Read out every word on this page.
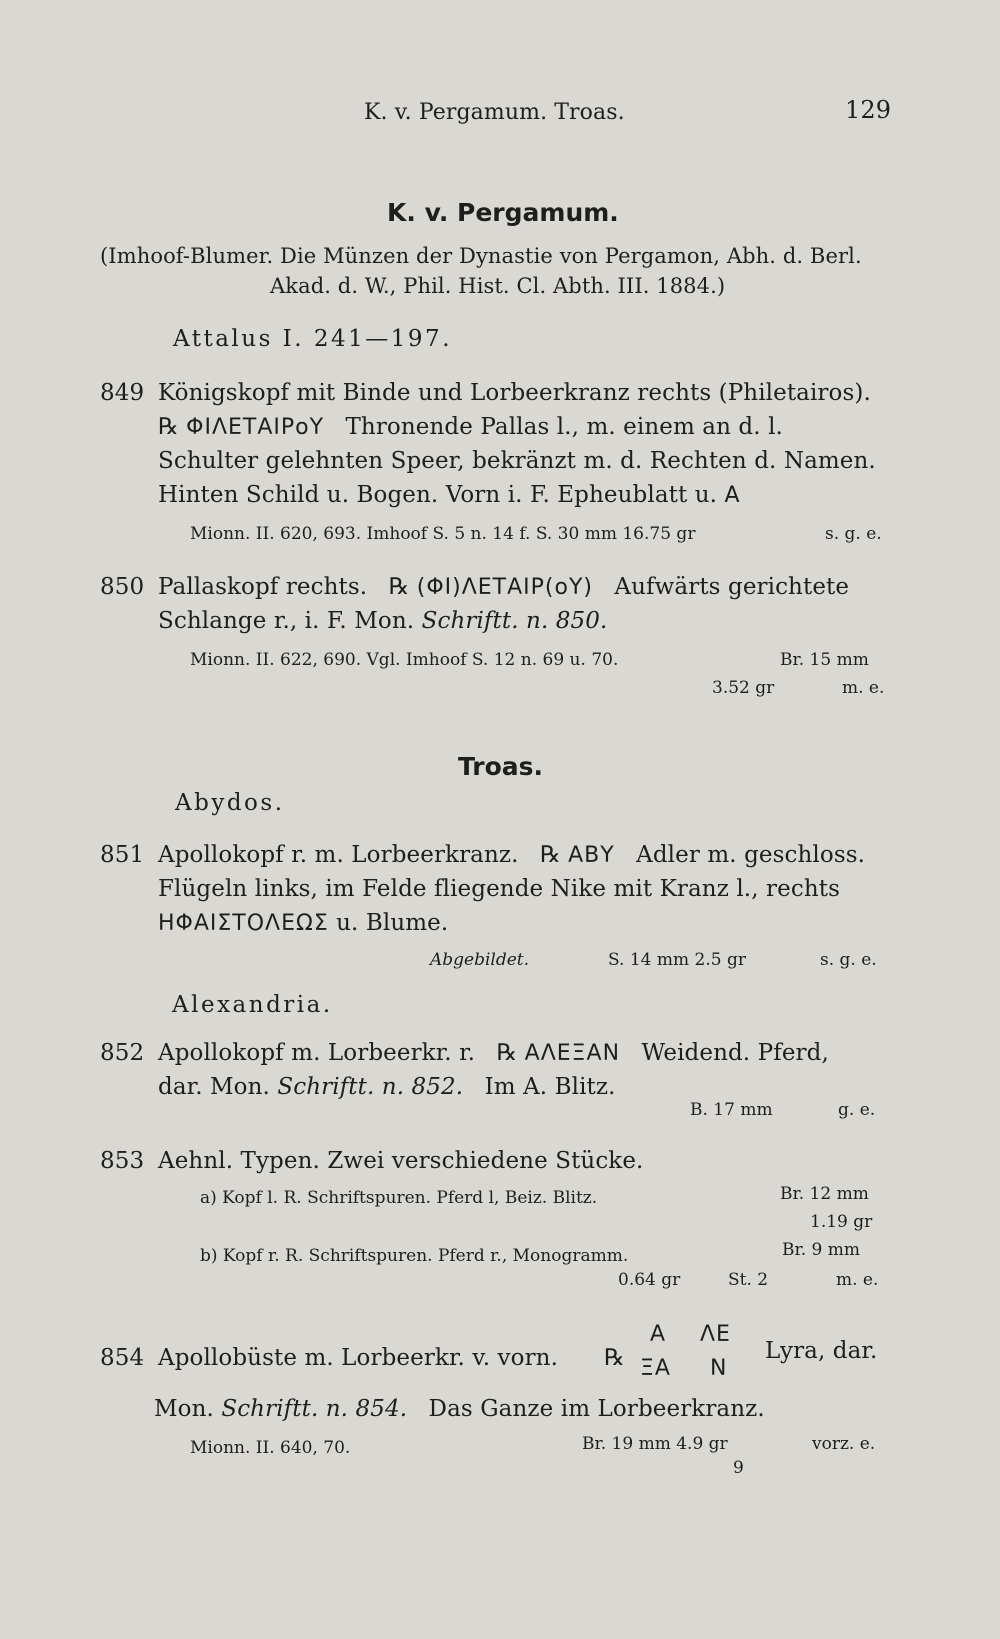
K. v. Pergamum. Troas.	129
K. v. Pergamum.
(Imhoof-Blumer. Die Münzen der Dynastie von Pergamon, Abh. d. Berl.
Akad. d. W., Phil. Hist. Cl. Abth. III. 1884.)
Attalus I. 241—197.
849 Königskopf mit Binde und Lorbeerkranz rechts (Philetairos).
℞ ΦΙΛΕΤΑΙΡoΥ Thronende Pallas l., m. einem an d. l.
Schulter gelehnten Speer, bekränzt m. d. Rechten d. Namen.
Hinten Schild u. Bogen. Vorn i. F. Epheublatt u. A
Mionn. II. 620, 693. Imhoof S. 5 n. 14 f. S. 30 mm 16.75 gr	s. g. e.
850 Pallaskopf rechts. ℞ (ΦΙ)ΛΕΤΑΙΡ(oΥ) Aufwärts gerichtete
Schlange r., i. F. Mon. Schriftt. n. 850.
Mionn. II. 622, 690. Vgl. Imhoof S. 12 n. 69 u. 70.	Br. 15 mm
3.52 gr	m. e.
Troas.
Abydos.
851 Apollokopf r. m. Lorbeerkranz. ℞ ΑΒΥ Adler m. geschloss.
Flügeln links, im Felde fliegende Nike mit Kranz l., rechts
ΗΦΑΙΣΤΟΛΕΩΣ u. Blume.
Abgebildet.	S. 14 mm 2.5 gr	s. g. e.
Alexandria.
852 Apollokopf m. Lorbeerkr. r. ℞ ΑΛΕΞΑΝ Weidend. Pferd,
dar. Mon. Schriftt. n. 852. Im A. Blitz.
B. 17 mm	g. e.
853 Aehnl. Typen. Zwei verschiedene Stücke.
a) Kopf l. R. Schriftspuren. Pferd l, Beiz. Blitz.	Br. 12 mm
1.19 gr
b) Kopf r. R. Schriftspuren. Pferd r., Monogramm.	Br. 9 mm
0.64 gr	St. 2	m. e.
854 Apollobüste m. Lorbeerkr. v. vorn. ℞
Α ΛΕ
ΞΑ Ν
Lyra, dar.
Mon. Schriftt. n. 854. Das Ganze im Lorbeerkranz.
Mionn. II. 640, 70.	Br. 19 mm 4.9 gr	vorz. e.
9
